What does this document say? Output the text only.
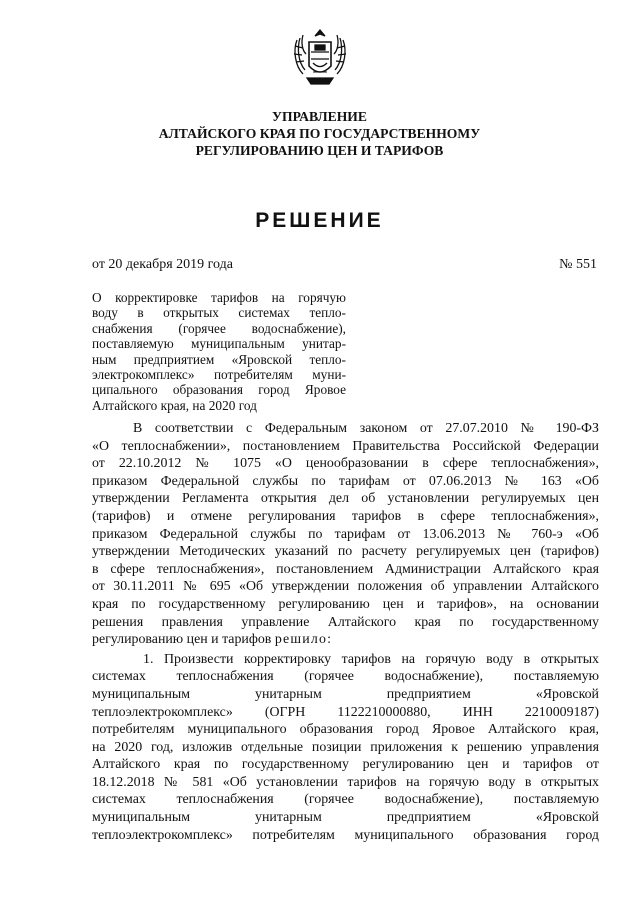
УПРАВЛЕНИЕ
АЛТАЙСКОГО КРАЯ ПО ГОСУДАРСТВЕННОМУ
РЕГУЛИРОВАНИЮ ЦЕН И ТАРИФОВ
РЕШЕНИЕ
от 20 декабря 2019 года	№ 551
О корректировке тарифов на горячую
воду в открытых системах тепло-
снабжения (горячее водоснабжение),
поставляемую муниципальным унитар-
ным предприятием «Яровской тепло-
электрокомплекс» потребителям муни-
ципального образования город Яровое
Алтайского края, на 2020 год
В соответствии с Федеральным законом от 27.07.2010 № 190-ФЗ
«О теплоснабжении», постановлением Правительства Российской Федерации
от 22.10.2012 № 1075 «О ценообразовании в сфере теплоснабжения»,
приказом Федеральной службы по тарифам от 07.06.2013 № 163 «Об
утверждении Регламента открытия дел об установлении регулируемых цен
(тарифов) и отмене регулирования тарифов в сфере теплоснабжения»,
приказом Федеральной службы по тарифам от 13.06.2013 № 760-э «Об
утверждении Методических указаний по расчету регулируемых цен (тарифов)
в сфере теплоснабжения», постановлением Администрации Алтайского края
от 30.11.2011 № 695 «Об утверждении положения об управлении Алтайского
края по государственному регулированию цен и тарифов», на основании
решения правления управление Алтайского края по государственному
регулированию цен и тарифов решило:
1. Произвести корректировку тарифов на горячую воду в открытых
системах теплоснабжения (горячее водоснабжение), поставляемую
муниципальным унитарным предприятием «Яровской
теплоэлектрокомплекс» (ОГРН 1122210000880, ИНН 2210009187)
потребителям муниципального образования город Яровое Алтайского края,
на 2020 год, изложив отдельные позиции приложения к решению управления
Алтайского края по государственному регулированию цен и тарифов от
18.12.2018 № 581 «Об установлении тарифов на горячую воду в открытых
системах теплоснабжения (горячее водоснабжение), поставляемую
муниципальным унитарным предприятием «Яровской
теплоэлектрокомплекс» потребителям муниципального образования город
